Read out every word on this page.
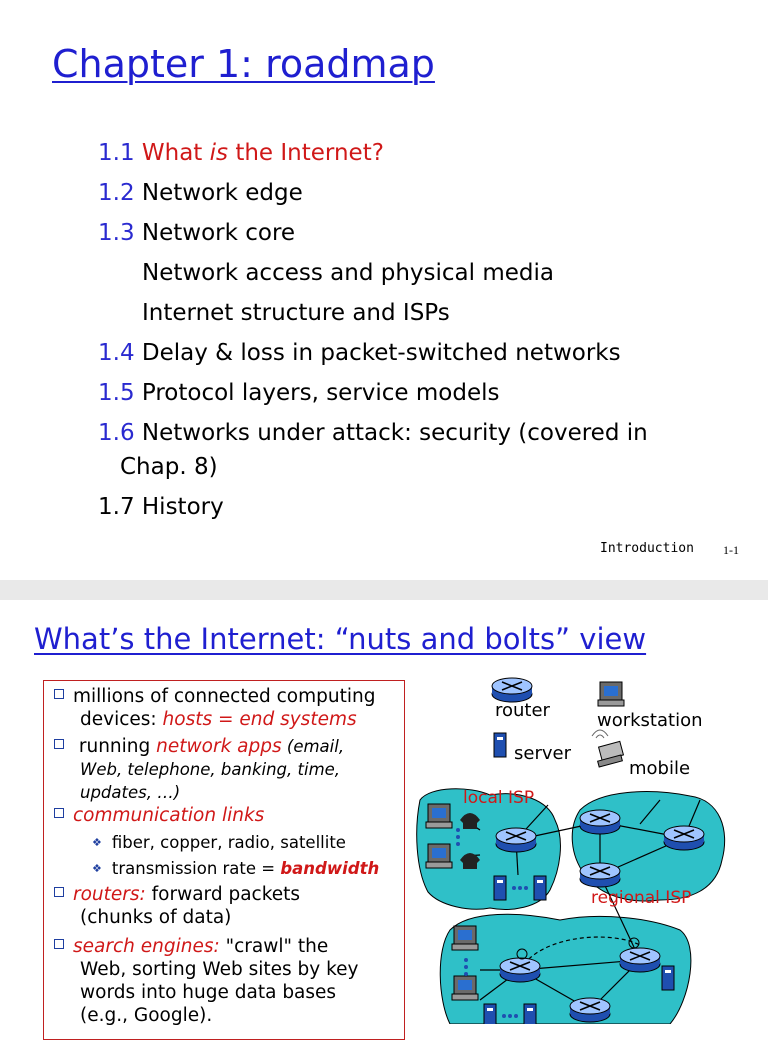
Chapter 1: roadmap
1.1 What is the Internet?
1.2 Network edge
1.3 Network core
Network access and physical media
Internet structure and ISPs
1.4 Delay & loss in packet-switched networks
1.5 Protocol layers, service models
1.6 Networks under attack: security (covered in
Chap. 8)
1.7 History
Introduction 1-1
What’s the Internet: “nuts and bolts” view
millions of connected computing
devices: hosts = end systems
running network apps (email,
Web, telephone, banking, time,
updates, …)
communication links
❖ fiber, copper, radio, satellite
❖ transmission rate = bandwidth
routers: forward packets
(chunks of data)
search engines: "crawl" the
Web, sorting Web sites by key
words into huge data bases
(e.g., Google).
router	workstation
server
mobile
local ISP
regional ISP
